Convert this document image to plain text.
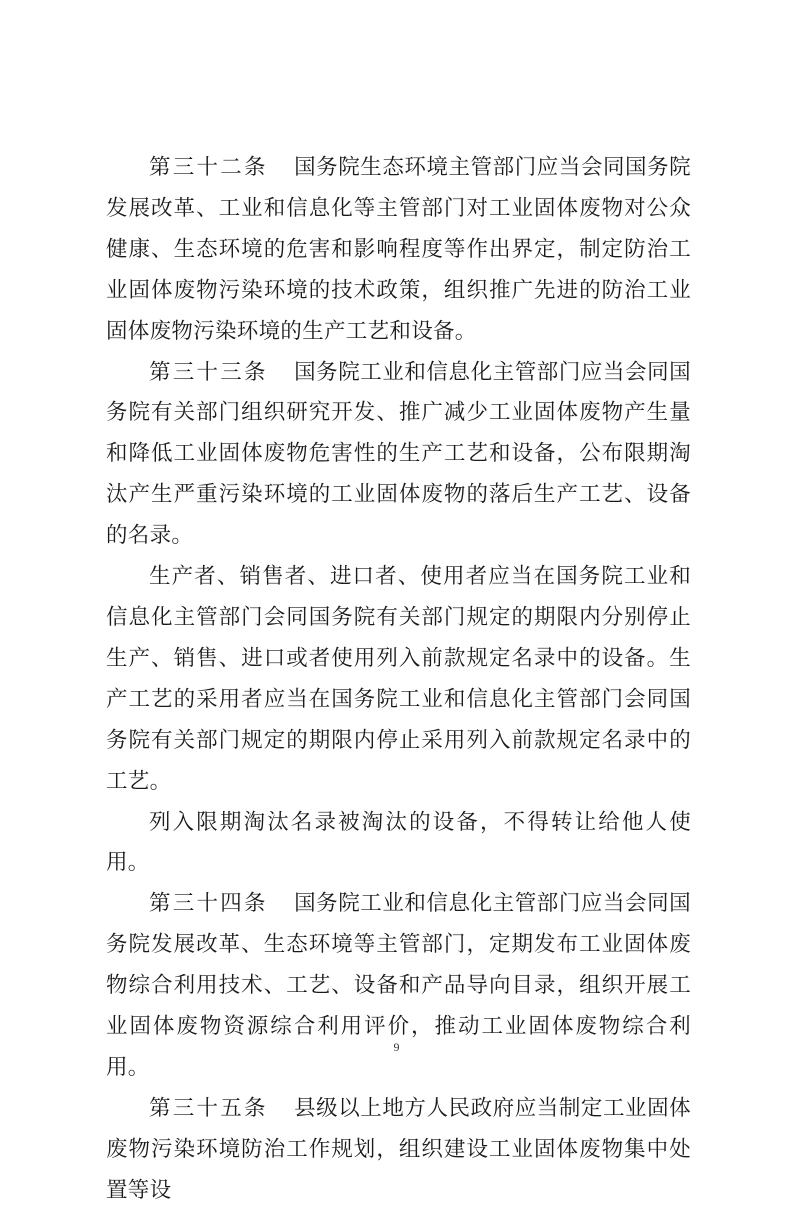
第三十二条 国务院生态环境主管部门应当会同国务院发展改革、工业和信息化等主管部门对工业固体废物对公众健康、生态环境的危害和影响程度等作出界定，制定防治工业固体废物污染环境的技术政策，组织推广先进的防治工业固体废物污染环境的生产工艺和设备。

第三十三条 国务院工业和信息化主管部门应当会同国务院有关部门组织研究开发、推广减少工业固体废物产生量和降低工业固体废物危害性的生产工艺和设备，公布限期淘汰产生严重污染环境的工业固体废物的落后生产工艺、设备的名录。

生产者、销售者、进口者、使用者应当在国务院工业和信息化主管部门会同国务院有关部门规定的期限内分别停止生产、销售、进口或者使用列入前款规定名录中的设备。生产工艺的采用者应当在国务院工业和信息化主管部门会同国务院有关部门规定的期限内停止采用列入前款规定名录中的工艺。

列入限期淘汰名录被淘汰的设备，不得转让给他人使用。

第三十四条 国务院工业和信息化主管部门应当会同国务院发展改革、生态环境等主管部门，定期发布工业固体废物综合利用技术、工艺、设备和产品导向目录，组织开展工业固体废物资源综合利用评价，推动工业固体废物综合利用。

第三十五条 县级以上地方人民政府应当制定工业固体废物污染环境防治工作规划，组织建设工业固体废物集中处置等设

9
